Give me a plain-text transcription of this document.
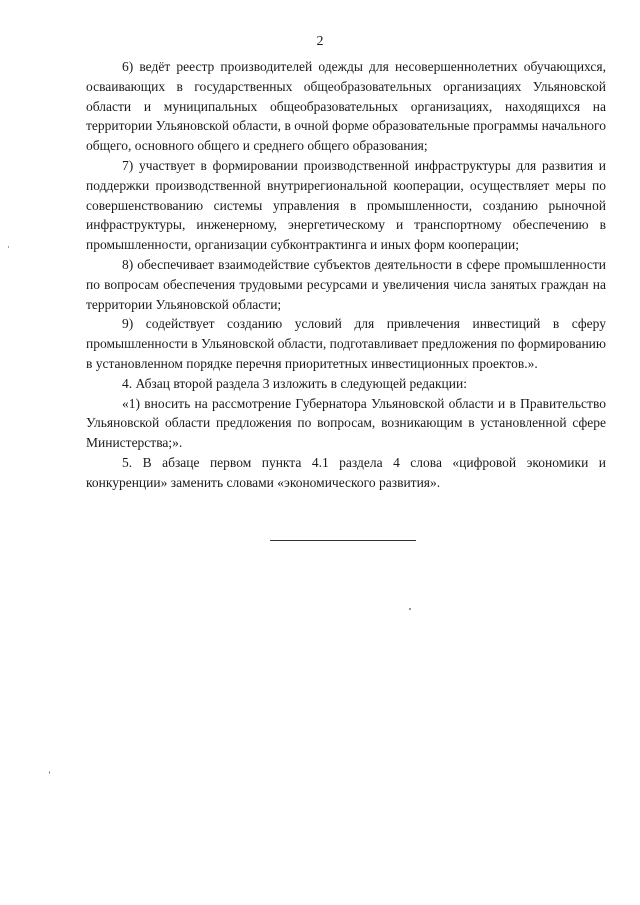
2

6) ведёт реестр производителей одежды для несовершеннолетних обучающихся, осваивающих в государственных общеобразовательных организациях Ульяновской области и муниципальных общеобразовательных организациях, находящихся на территории Ульяновской области, в очной форме образовательные программы начального общего, основного общего и среднего общего образования;

7) участвует в формировании производственной инфраструктуры для развития и поддержки производственной внутрирегиональной кооперации, осуществляет меры по совершенствованию системы управления в промышленности, созданию рыночной инфраструктуры, инженерному, энергетическому и транспортному обеспечению в промышленности, организации субконтрактинга и иных форм кооперации;

8) обеспечивает взаимодействие субъектов деятельности в сфере промышленности по вопросам обеспечения трудовыми ресурсами и увеличения числа занятых граждан на территории Ульяновской области;

9) содействует созданию условий для привлечения инвестиций в сферу промышленности в Ульяновской области, подготавливает предложения по формированию в установленном порядке перечня приоритетных инвестиционных проектов.».

4. Абзац второй раздела 3 изложить в следующей редакции:

«1) вносить на рассмотрение Губернатора Ульяновской области и в Правительство Ульяновской области предложения по вопросам, возникающим в установленной сфере Министерства;».

5. В абзаце первом пункта 4.1 раздела 4 слова «цифровой экономики и конкуренции» заменить словами «экономического развития».
